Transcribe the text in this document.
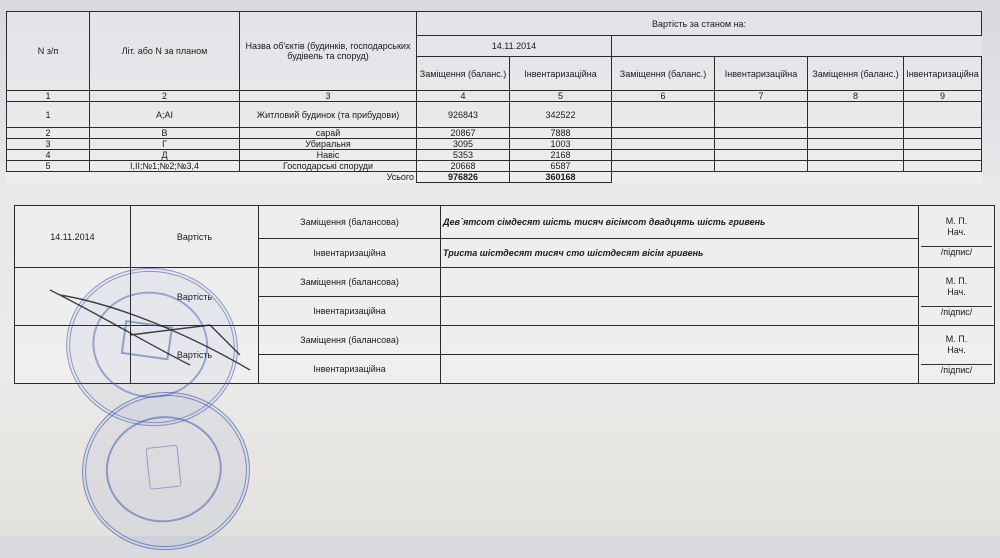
N з/п	Літ. або N за планом	Назва об'єктів (будинків, господарських будівель та споруд)	Вартість за станом на:					
			14.11.2014					
			Заміщення (баланс.)	Інвентаризаційна	Заміщення (баланс.)	Інвентаризаційна	Заміщення (баланс.)	Інвентаризаційна
1	2	3	4	5	6	7	8	9
1	А;АІ	Житловий будинок (та прибудови)	926843	342522				
2	В	сарай	20867	7888				
3	Г	Убиральня	3095	1003				
4	Д	Навіс	5353	2168				
5	І,ІІ;№1;№2;№3,4	Господарські споруди	20668	6587				
		Усього	976826	360168				
14.11.2014	Вартість	Заміщення (балансова)	Дев`ятсот сімдесят шість тисяч вісімсот двадцять шість гривень	М. П.
Нач.
/підпис/

		Інвентаризаційна	Триста шістдесят тисяч сто шістдесят вісім гривень	
	Вартість	Заміщення (балансова)		М. П.
Нач.
/підпис/

		Інвентаризаційна		
	Вартість	Заміщення (балансова)		М. П.
Нач.
/підпис/

		Інвентаризаційна		
